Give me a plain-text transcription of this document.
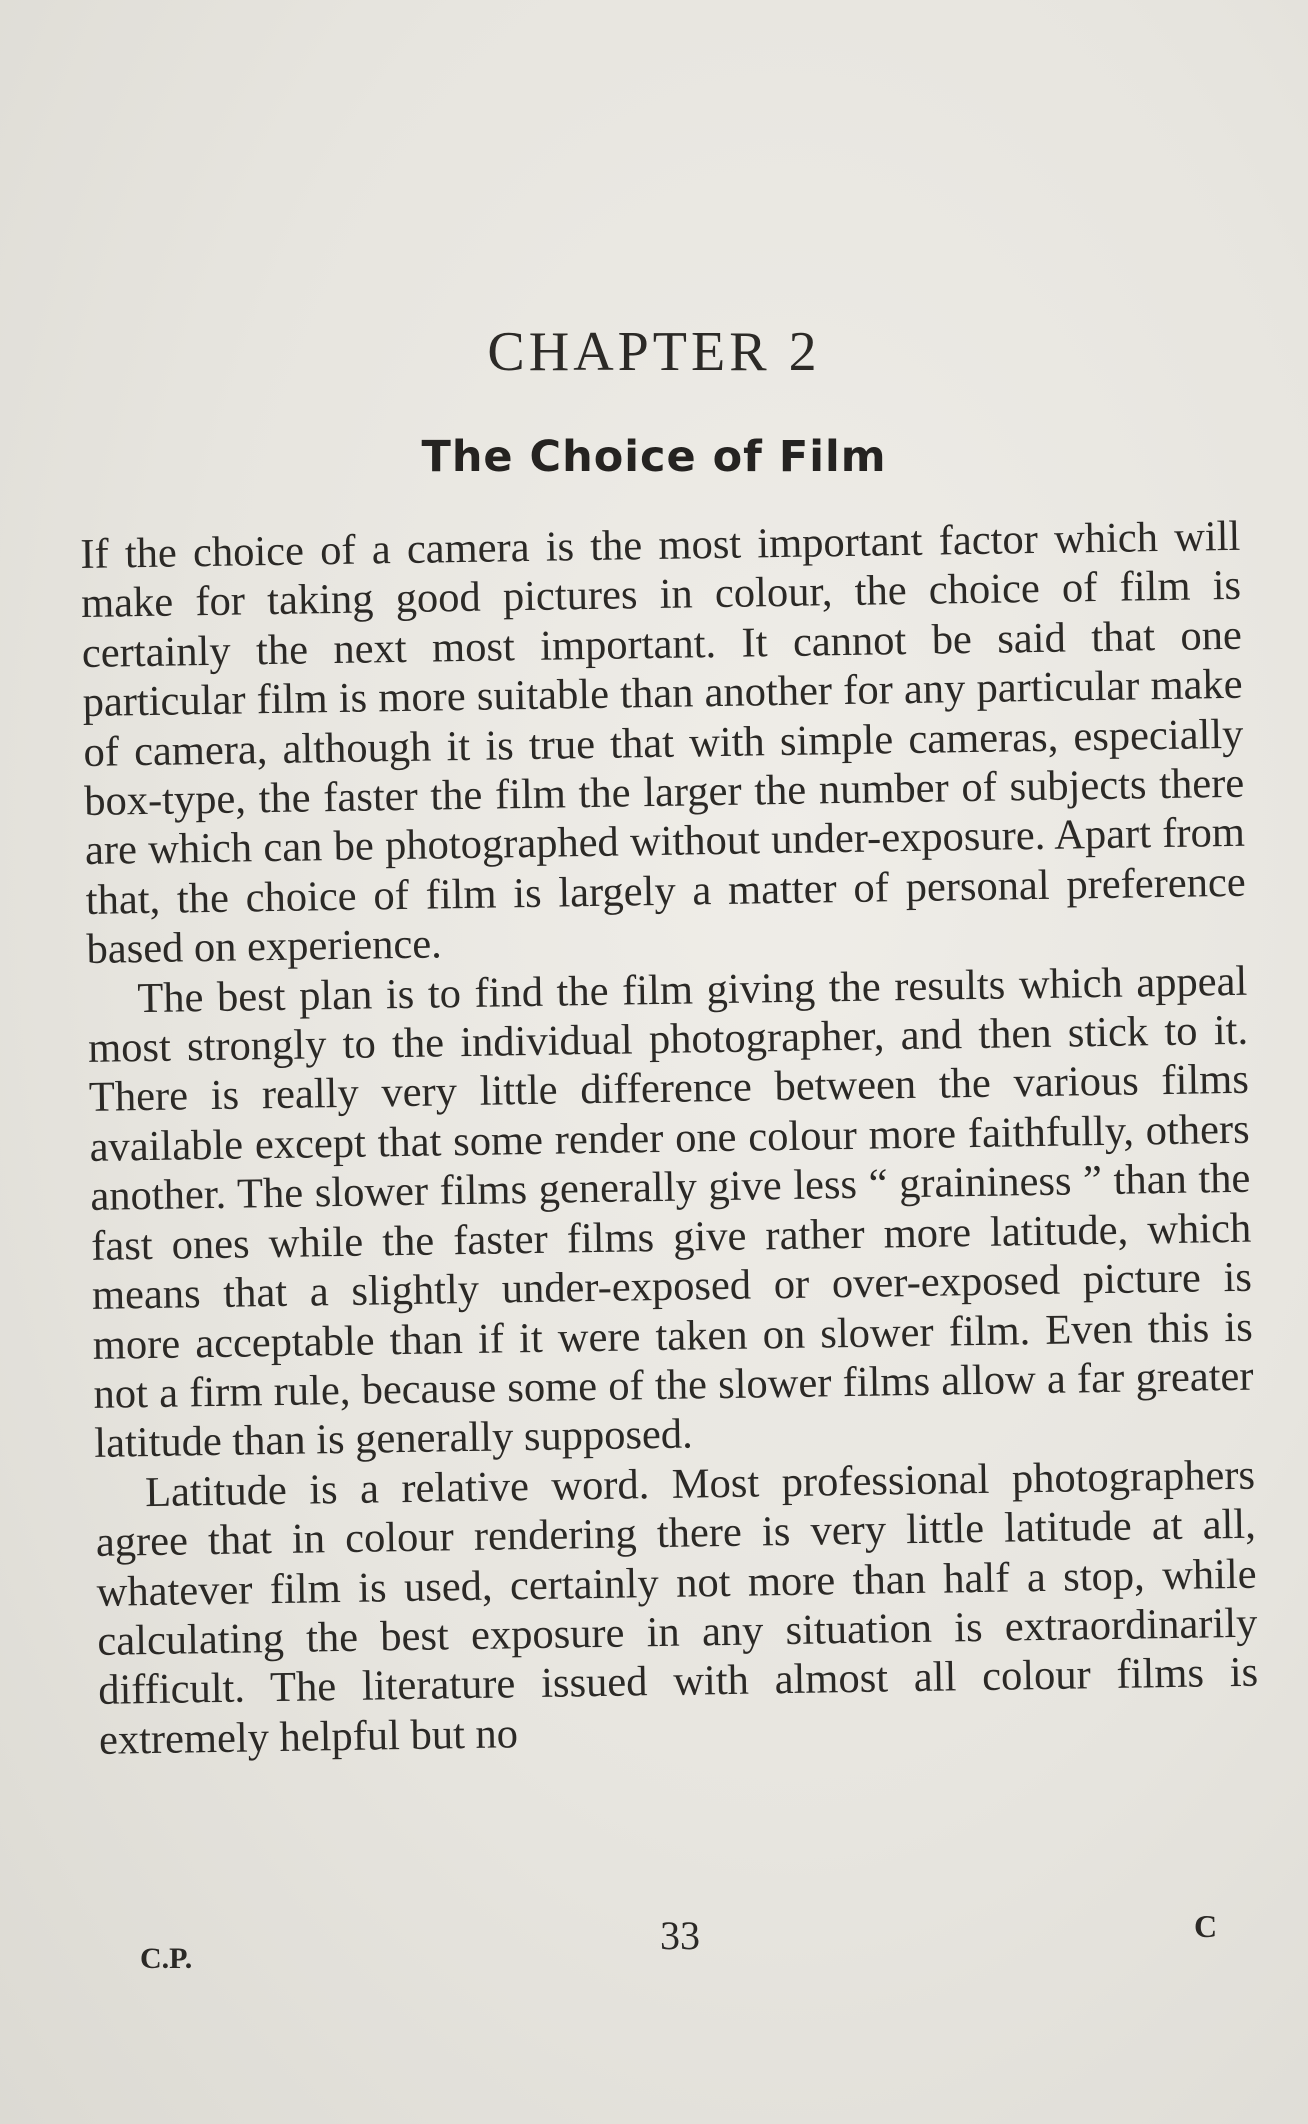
CHAPTER 2
The Choice of Film

If the choice of a camera is the most important factor which will make for taking good pictures in colour, the choice of film is certainly the next most important. It cannot be said that one particular film is more suitable than another for any particular make of camera, although it is true that with simple cameras, especially box-type, the faster the film the larger the number of subjects there are which can be photographed without under-exposure. Apart from that, the choice of film is largely a matter of personal preference based on experience.

The best plan is to find the film giving the results which appeal most strongly to the individual photographer, and then stick to it. There is really very little difference between the various films available except that some render one colour more faithfully, others another. The slower films generally give less “ graininess ” than the fast ones while the faster films give rather more latitude, which means that a slightly under-exposed or over-exposed picture is more acceptable than if it were taken on slower film. Even this is not a firm rule, because some of the slower films allow a far greater latitude than is generally supposed.

Latitude is a relative word. Most professional photographers agree that in colour rendering there is very little latitude at all, whatever film is used, certainly not more than half a stop, while calculating the best exposure in any situation is extraordinarily difficult. The literature issued with almost all colour films is extremely helpful but no

C.P.
33	C
